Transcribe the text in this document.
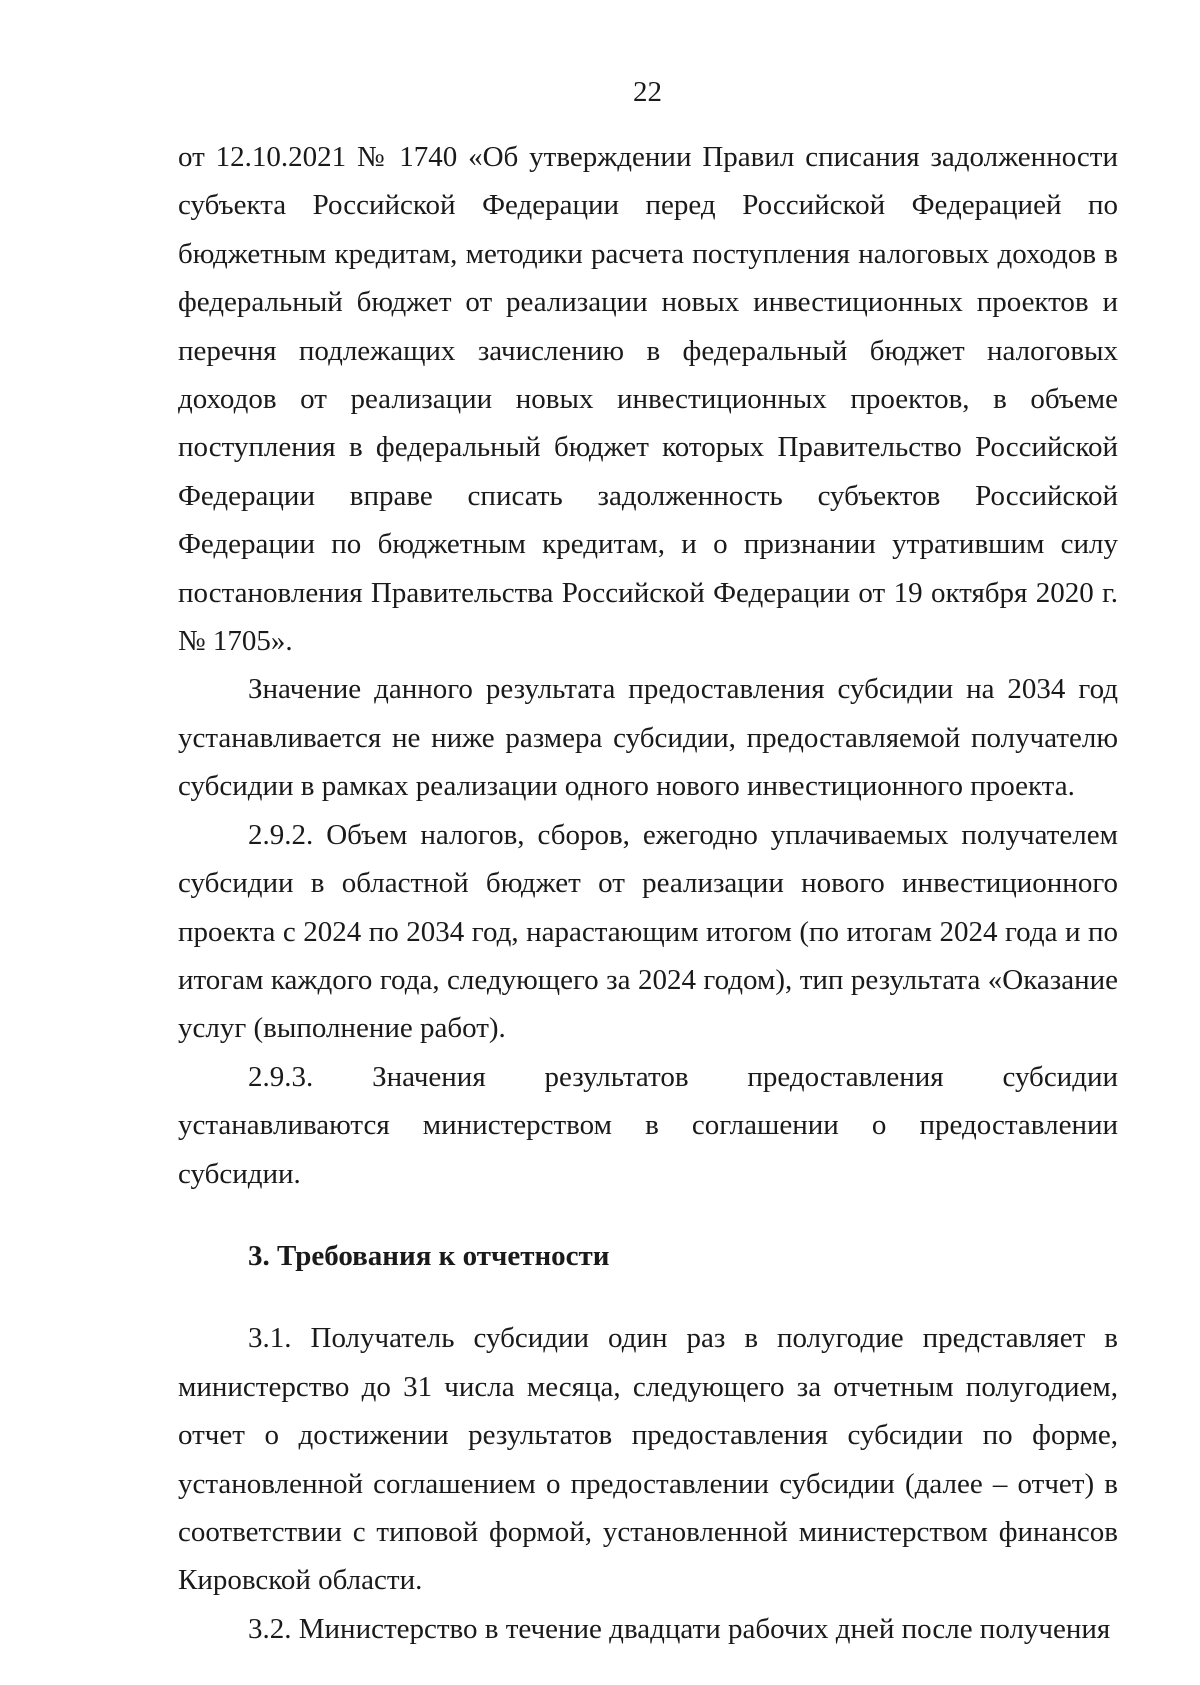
22

от 12.10.2021 № 1740 «Об утверждении Правил списания задолженности субъекта Российской Федерации перед Российской Федерацией по бюджетным кредитам, методики расчета поступления налоговых доходов в федеральный бюджет от реализации новых инвестиционных проектов и перечня подлежащих зачислению в федеральный бюджет налоговых доходов от реализации новых инвестиционных проектов, в объеме поступления в федеральный бюджет которых Правительство Российской Федерации вправе списать задолженность субъектов Российской Федерации по бюджетным кредитам, и о признании утратившим силу постановления Правительства Российской Федерации от 19 октября 2020 г. № 1705».

Значение данного результата предоставления субсидии на 2034 год устанавливается не ниже размера субсидии, предоставляемой получателю субсидии в рамках реализации одного нового инвестиционного проекта.

2.9.2. Объем налогов, сборов, ежегодно уплачиваемых получателем субсидии в областной бюджет от реализации нового инвестиционного проекта с 2024 по 2034 год, нарастающим итогом (по итогам 2024 года и по итогам каждого года, следующего за 2024 годом), тип результата «Оказание услуг (выполнение работ).

2.9.3. Значения результатов предоставления субсидии устанавливаются министерством в соглашении о предоставлении субсидии.

3. Требования к отчетности

3.1. Получатель субсидии один раз в полугодие представляет в министерство до 31 числа месяца, следующего за отчетным полугодием, отчет о достижении результатов предоставления субсидии по форме, установленной соглашением о предоставлении субсидии (далее – отчет) в соответствии с типовой формой, установленной министерством финансов Кировской области.

3.2. Министерство в течение двадцати рабочих дней после получения
